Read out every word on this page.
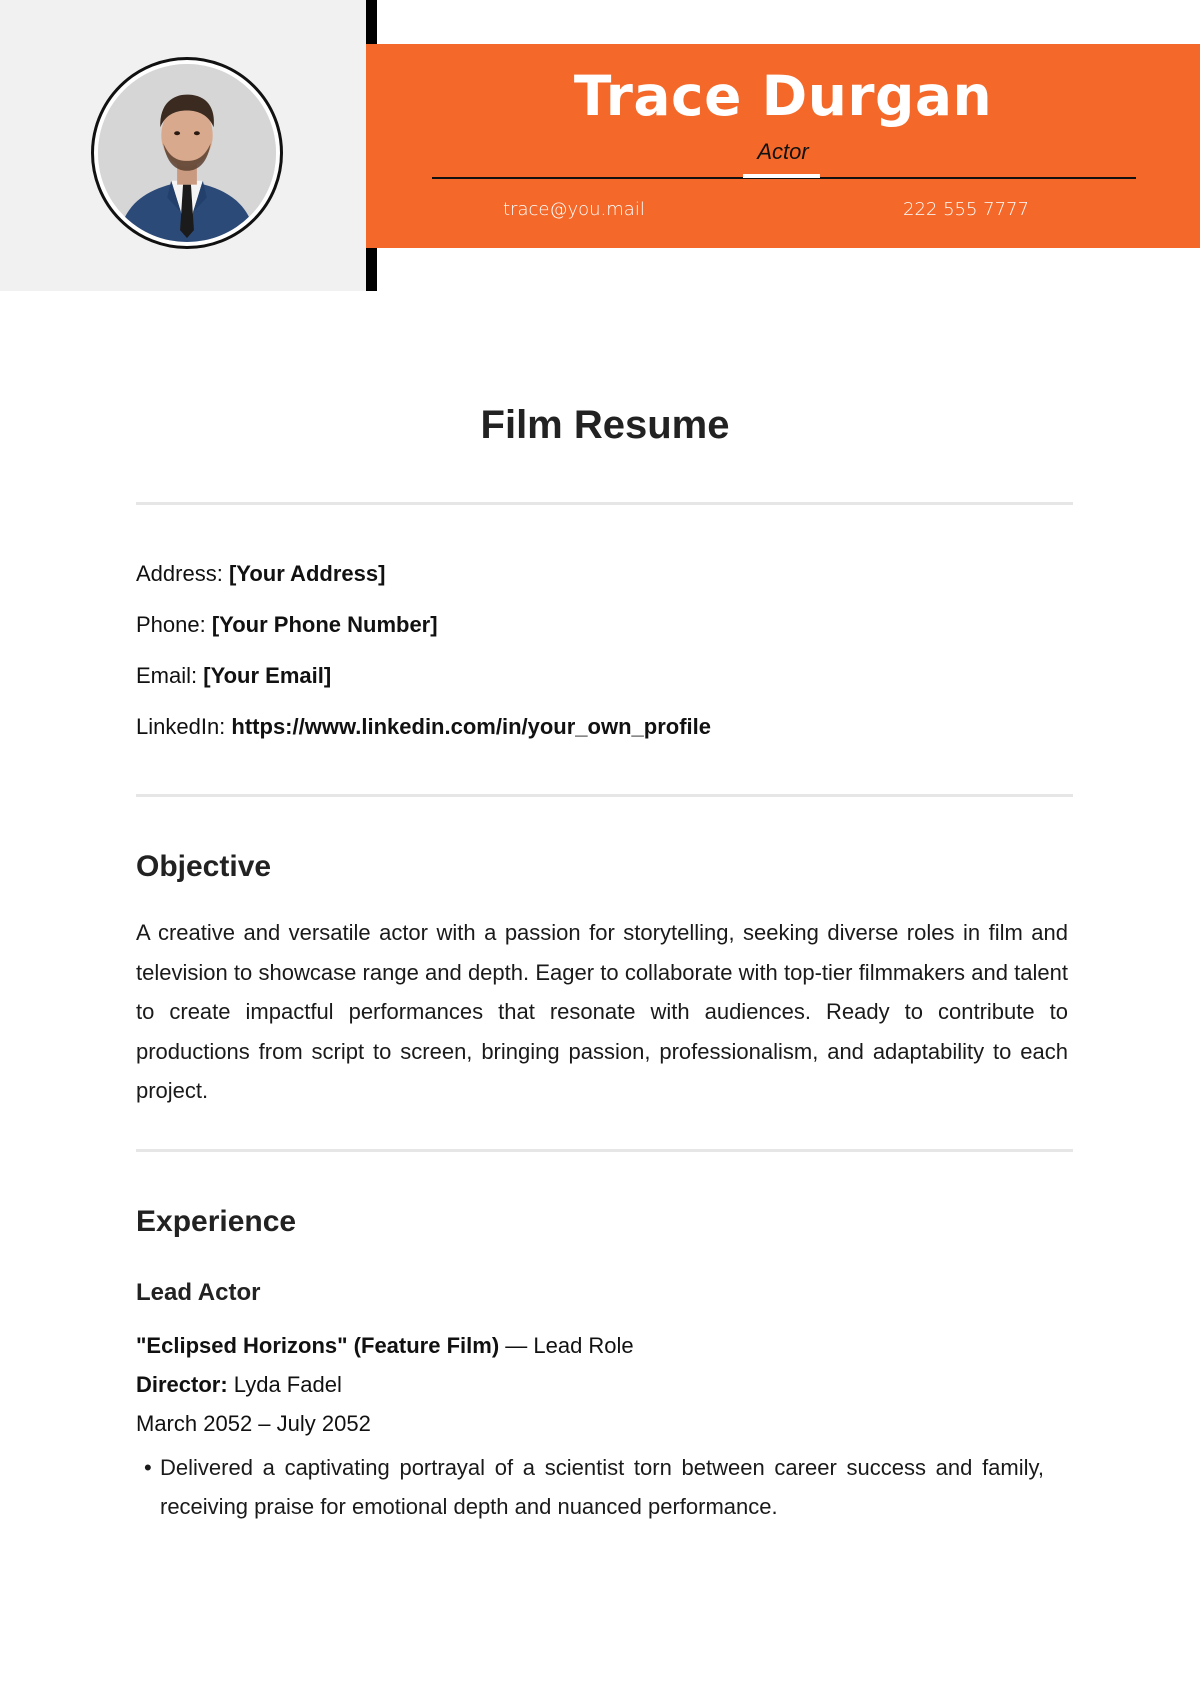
Trace Durgan
Actor
trace@you.mail	222 555 7777
Film Resume
Address: [Your Address]
Phone: [Your Phone Number]
Email: [Your Email]
LinkedIn: https://www.linkedin.com/in/your_own_profile
Objective
A creative and versatile actor with a passion for storytelling, seeking diverse roles in film and television to showcase range and depth. Eager to collaborate with top-tier filmmakers and talent to create impactful performances that resonate with audiences. Ready to contribute to productions from script to screen, bringing passion, professionalism, and adaptability to each project.
Experience
Lead Actor
"Eclipsed Horizons" (Feature Film) — Lead Role
Director: Lyda Fadel
March 2052 – July 2052
• Delivered a captivating portrayal of a scientist torn between career success and family, receiving praise for emotional depth and nuanced performance.
